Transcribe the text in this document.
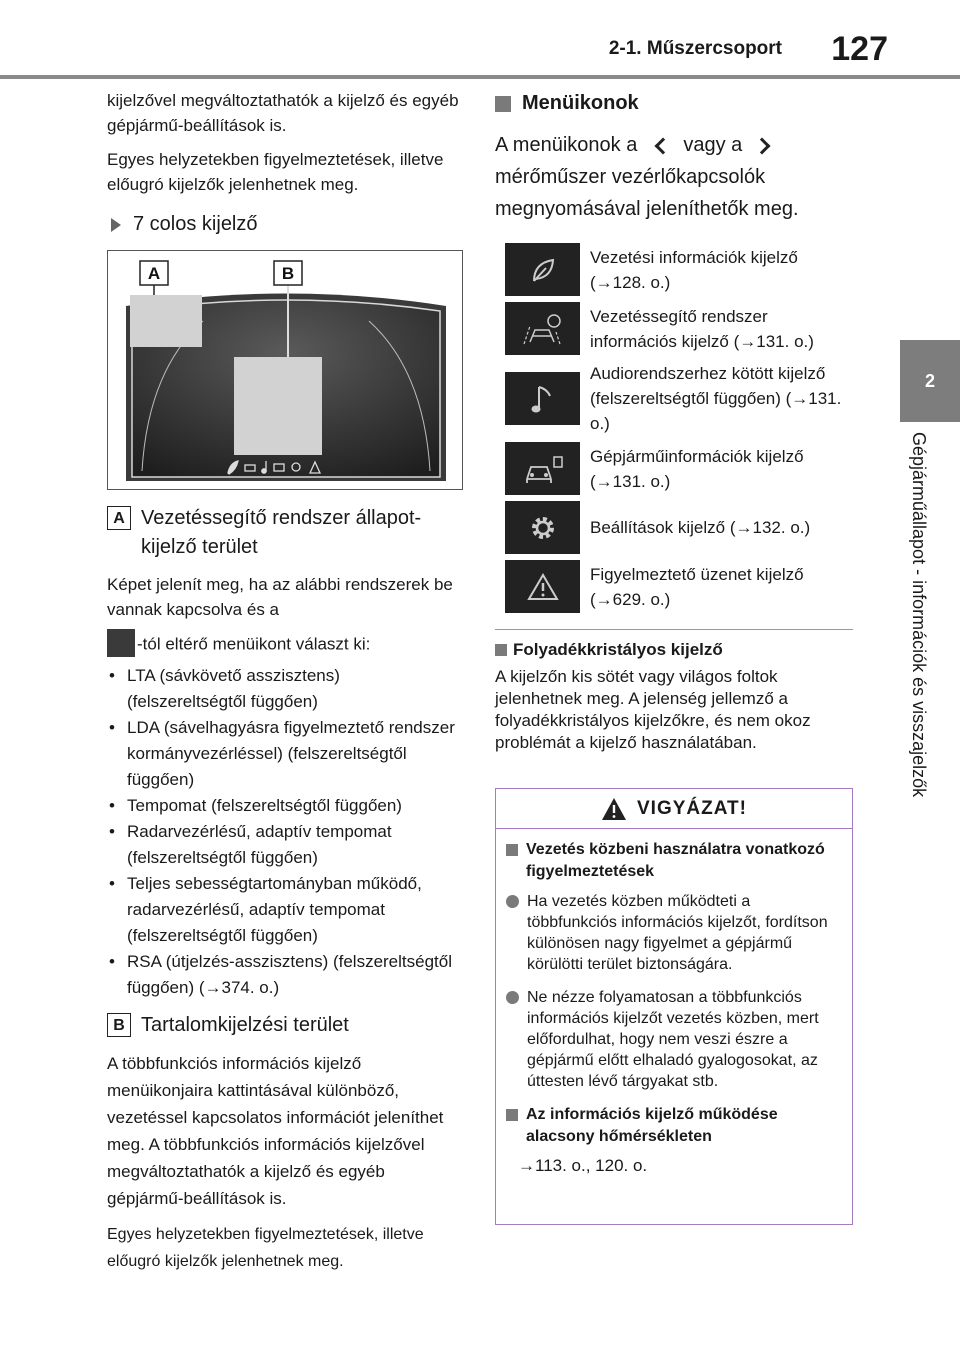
2-1. Műszercsoport 127
2
Gépjárműállapot - információk és visszajelzők

kijelzővel megváltoztathatók a kijelző és egyéb gépjármű-beállítások is.

Egyes helyzetekben figyelmeztetések, illetve előugró kijelzők jelenhetnek meg.

7 colos kijelző
A	B
A Vezetéssegítő rendszer állapot-kijelző terület

Képet jelenít meg, ha az alábbi rendszerek be vannak kapcsolva és a

-tól eltérő menüikont választ ki:

• LTA (sávkövető asszisztens) (felszereltségtől függően)
• LDA (sávelhagyásra figyelmeztető rendszer kormányvezérléssel) (felszereltségtől függően)
• Tempomat (felszereltségtől függően)
• Radarvezérlésű, adaptív tempomat (felszereltségtől függően)
• Teljes sebességtartományban működő, radarvezérlésű, adaptív tempomat (felszereltségtől függően)
• RSA (útjelzés-asszisztens) (felszereltségtől függően) (→374. o.)
B Tartalomkijelzési terület

A többfunkciós információs kijelző menüikonjaira kattintásával különböző, vezetéssel kapcsolatos információt jeleníthet meg. A többfunkciós információs kijelzővel megváltoztathatók a kijelző és egyéb gépjármű-beállítások is.

Egyes helyzetekben figyelmeztetések, illetve előugró kijelzők jelenhetnek meg.

Menüikonok
A menüikonok a vagy a
mérőműszer vezérlőkapcsolók megnyomásával jeleníthetők meg.
Vezetési információk kijelző (→128. o.)
Vezetéssegítő rendszer információs kijelző (→131. o.)
Audiorendszerhez kötött kijelző (felszereltségtől függően) (→131. o.)
Gépjárműinformációk kijelző (→131. o.)
Beállítások kijelző (→132. o.)
Figyelmeztető üzenet kijelző (→629. o.)
Folyadékkristályos kijelző

A kijelzőn kis sötét vagy világos foltok jelenhetnek meg. A jelenség jellemző a folyadékkristályos kijelzőkre, és nem okoz problémát a kijelző használatában.

VIGYÁZAT!
Vezetés közbeni használatra vonatkozó figyelmeztetések
Ha vezetés közben működteti a többfunkciós információs kijelzőt, fordítson különösen nagy figyelmet a gépjármű körülötti terület biztonságára.
Ne nézze folyamatosan a többfunkciós információs kijelzőt vezetés közben, mert előfordulhat, hogy nem veszi észre a gépjármű előtt elhaladó gyalogosokat, az úttesten lévő tárgyakat stb.
Az információs kijelző működése alacsony hőmérsékleten
→113. o., 120. o.
